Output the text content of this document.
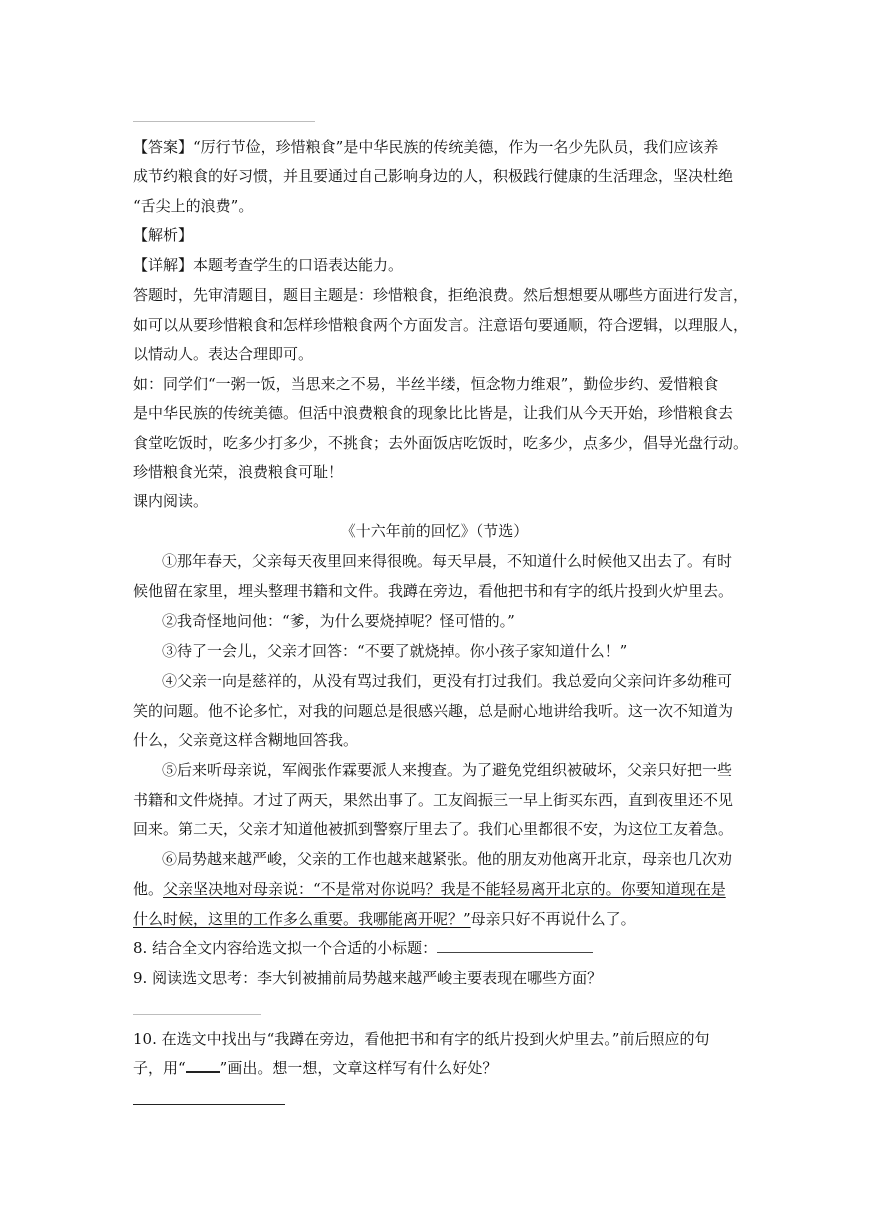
【答案】“厉行节俭，珍惜粮食”是中华民族的传统美德，作为一名少先队员，我们应该养
成节约粮食的好习惯，并且要通过自己影响身边的人，积极践行健康的生活理念，坚决杜绝
“舌尖上的浪费”。
【解析】
【详解】本题考查学生的口语表达能力。
答题时，先审清题目，题目主题是：珍惜粮食，拒绝浪费。然后想想要从哪些方面进行发言，
如可以从要珍惜粮食和怎样珍惜粮食两个方面发言。注意语句要通顺，符合逻辑，以理服人，
以情动人。表达合理即可。
如：同学们“一粥一饭，当思来之不易，半丝半缕，恒念物力维艰”，勤俭步约、爱惜粮食
是中华民族的传统美德。但活中浪费粮食的现象比比皆是，让我们从今天开始，珍惜粮食去
食堂吃饭时，吃多少打多少，不挑食；去外面饭店吃饭时，吃多少，点多少，倡导光盘行动。
珍惜粮食光荣，浪费粮食可耻！
课内阅读。
《十六年前的回忆》（节选）
①那年春天，父亲每天夜里回来得很晚。每天早晨，不知道什么时候他又出去了。有时
候他留在家里，埋头整理书籍和文件。我蹲在旁边，看他把书和有字的纸片投到火炉里去。
②我奇怪地问他：“爹，为什么要烧掉呢？怪可惜的。”
③待了一会儿，父亲才回答：“不要了就烧掉。你小孩子家知道什么！”
④父亲一向是慈祥的，从没有骂过我们，更没有打过我们。我总爱向父亲问许多幼稚可
笑的问题。他不论多忙，对我的问题总是很感兴趣，总是耐心地讲给我听。这一次不知道为
什么，父亲竟这样含糊地回答我。
⑤后来听母亲说，军阀张作霖要派人来搜查。为了避免党组织被破坏，父亲只好把一些
书籍和文件烧掉。才过了两天，果然出事了。工友阎振三一早上街买东西，直到夜里还不见
回来。第二天，父亲才知道他被抓到警察厅里去了。我们心里都很不安，为这位工友着急。
⑥局势越来越严峻，父亲的工作也越来越紧张。他的朋友劝他离开北京，母亲也几次劝
他。父亲坚决地对母亲说：“不是常对你说吗？我是不能轻易离开北京的。你要知道现在是
什么时候，这里的工作多么重要。我哪能离开呢？”母亲只好不再说什么了。
8. 结合全文内容给选文拟一个合适的小标题：
9. 阅读选文思考：李大钊被捕前局势越来越严峻主要表现在哪些方面？
10. 在选文中找出与“我蹲在旁边，看他把书和有字的纸片投到火炉里去。”前后照应的句
子，用“ ”画出。想一想，文章这样写有什么好处？
